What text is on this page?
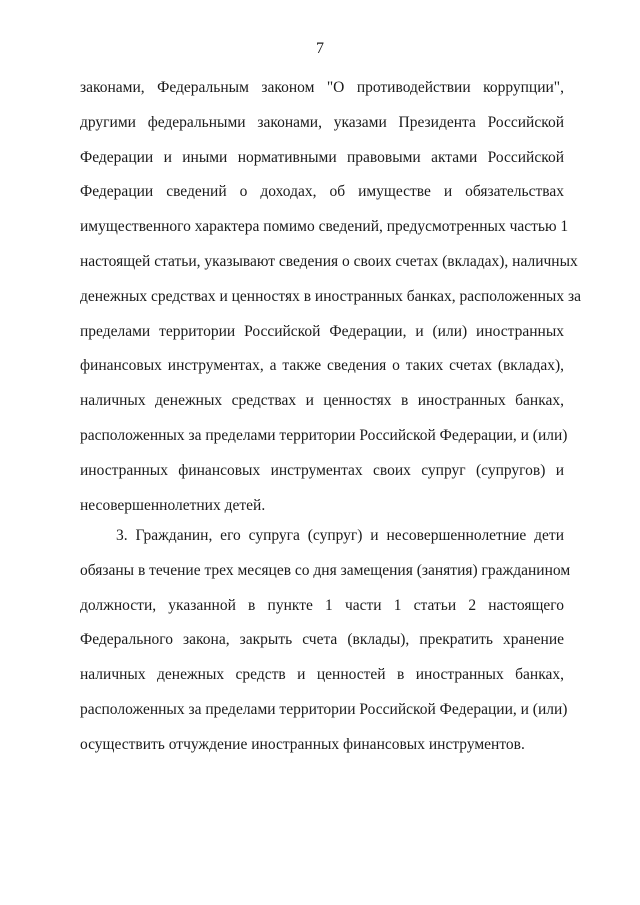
7
законами, Федеральным законом "О противодействии коррупции",
другими федеральными законами, указами Президента Российской
Федерации и иными нормативными правовыми актами Российской
Федерации сведений о доходах, об имуществе и обязательствах
имущественного характера помимо сведений, предусмотренных частью 1
настоящей статьи, указывают сведения о своих счетах (вкладах), наличных
денежных средствах и ценностях в иностранных банках, расположенных за
пределами территории Российской Федерации, и (или) иностранных
финансовых инструментах, а также сведения о таких счетах (вкладах),
наличных денежных средствах и ценностях в иностранных банках,
расположенных за пределами территории Российской Федерации, и (или)
иностранных финансовых инструментах своих супруг (супругов) и
несовершеннолетних детей.
3. Гражданин, его супруга (супруг) и несовершеннолетние дети
обязаны в течение трех месяцев со дня замещения (занятия) гражданином
должности, указанной в пункте 1 части 1 статьи 2 настоящего
Федерального закона, закрыть счета (вклады), прекратить хранение
наличных денежных средств и ценностей в иностранных банках,
расположенных за пределами территории Российской Федерации, и (или)
осуществить отчуждение иностранных финансовых инструментов.
